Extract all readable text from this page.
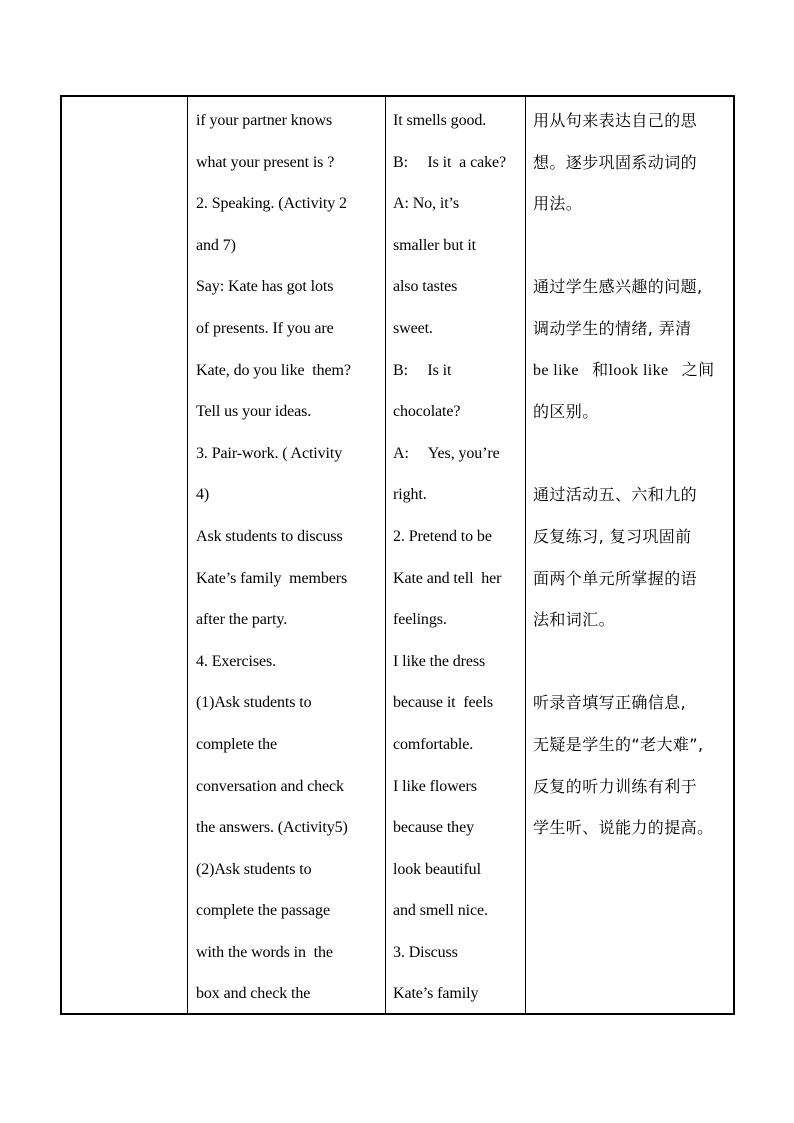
if your partner knows
what your present is ?
2. Speaking. (Activity 2
and 7)
Say: Kate has got lots
of presents. If you are
Kate, do you like  them?
Tell us your ideas.
3. Pair-work. ( Activity
4)
Ask students to discuss
Kate’s family  members
after the party.
4. Exercises.
(1)Ask students to
complete the
conversation and check
the answers. (Activity5)
(2)Ask students to
complete the passage
with the words in  the
box and check the
It smells good.
B:     Is it  a cake?
A: No, it’s
smaller but it
also tastes
sweet.
B:     Is it
chocolate?
A:     Yes, you’re
right.
2. Pretend to be
Kate and tell  her
feelings.
I like the dress
because it  feels
comfortable.
I like flowers
because they
look beautiful
and smell nice.
3. Discuss
Kate’s family
用从句来表达自己的思
想。逐步巩固系动词的
用法。
通过学生感兴趣的问题,
调动学生的情绪, 弄清
be like   和look like   之间
的区别。
通过活动五、六和九的
反复练习, 复习巩固前
面两个单元所掌握的语
法和词汇。
听录音填写正确信息,
无疑是学生的“老大难”,
反复的听力训练有利于
学生听、说能力的提高。
